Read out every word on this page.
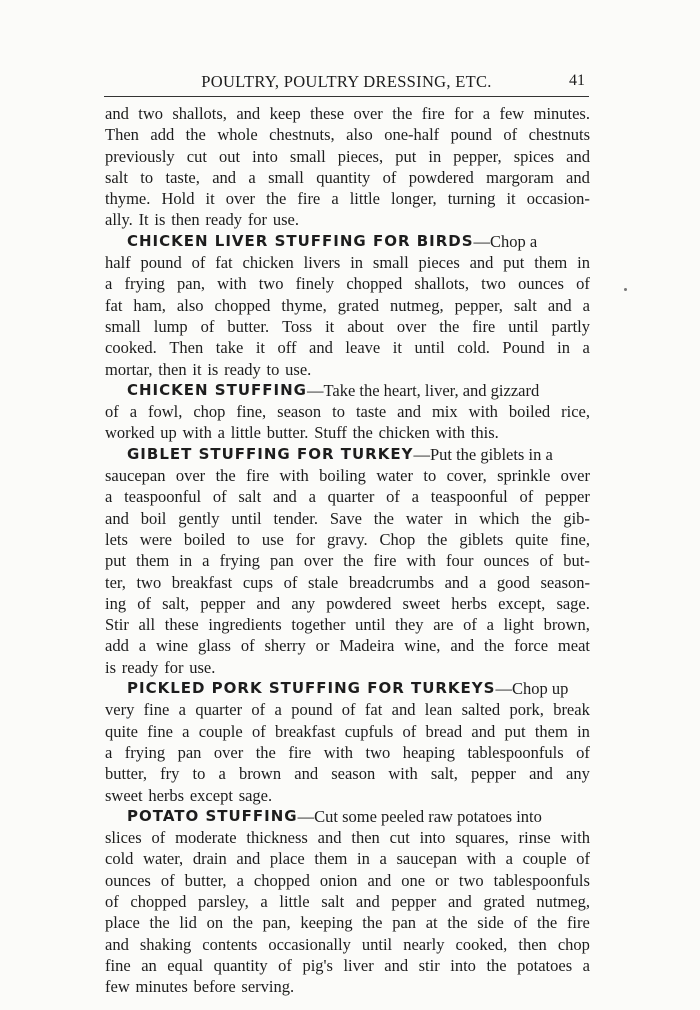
POULTRY, POULTRY DRESSING, ETC.	41
and two shallots, and keep these over the fire for a few minutes.
Then add the whole chestnuts, also one-half pound of chestnuts
previously cut out into small pieces, put in pepper, spices and
salt to taste, and a small quantity of powdered margoram and
thyme. Hold it over the fire a little longer, turning it occasion-
ally. It is then ready for use.
CHICKEN LIVER STUFFING FOR BIRDS —Chop a
half pound of fat chicken livers in small pieces and put them in
a frying pan, with two finely chopped shallots, two ounces of
fat ham, also chopped thyme, grated nutmeg, pepper, salt and a
small lump of butter. Toss it about over the fire until partly
cooked. Then take it off and leave it until cold. Pound in a
mortar, then it is ready to use.
CHICKEN STUFFING —Take the heart, liver, and gizzard
of a fowl, chop fine, season to taste and mix with boiled rice,
worked up with a little butter. Stuff the chicken with this.
GIBLET STUFFING FOR TURKEY —Put the giblets in a
saucepan over the fire with boiling water to cover, sprinkle over
a teaspoonful of salt and a quarter of a teaspoonful of pepper
and boil gently until tender. Save the water in which the gib-
lets were boiled to use for gravy. Chop the giblets quite fine,
put them in a frying pan over the fire with four ounces of but-
ter, two breakfast cups of stale breadcrumbs and a good season-
ing of salt, pepper and any powdered sweet herbs except, sage.
Stir all these ingredients together until they are of a light brown,
add a wine glass of sherry or Madeira wine, and the force meat
is ready for use.
PICKLED PORK STUFFING FOR TURKEYS —Chop up
very fine a quarter of a pound of fat and lean salted pork, break
quite fine a couple of breakfast cupfuls of bread and put them in
a frying pan over the fire with two heaping tablespoonfuls of
butter, fry to a brown and season with salt, pepper and any
sweet herbs except sage.
POTATO STUFFING —Cut some peeled raw potatoes into
slices of moderate thickness and then cut into squares, rinse with
cold water, drain and place them in a saucepan with a couple of
ounces of butter, a chopped onion and one or two tablespoonfuls
of chopped parsley, a little salt and pepper and grated nutmeg,
place the lid on the pan, keeping the pan at the side of the fire
and shaking contents occasionally until nearly cooked, then chop
fine an equal quantity of pig's liver and stir into the potatoes a
few minutes before serving.
